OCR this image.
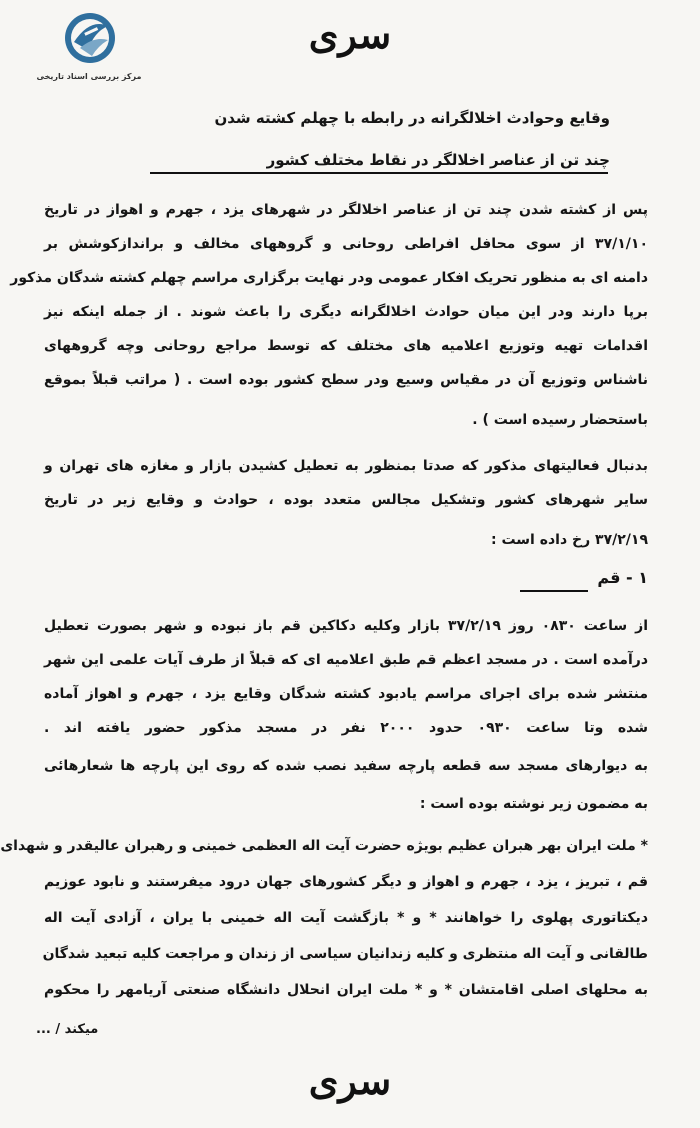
مرکز بررسی اسناد تاریخی
سری
وقایع وحوادث اخلالگرانه در رابطه با چهلم کشته شدن
چند تن از عناصر اخلالگر در نقاط مختلف کشور
پس از کشته شدن چند تن از عناصر اخلالگر در شهرهای یزد ، جهرم و اهواز در تاریخ
۳۷/۱/۱۰ از سوی محافل افراطی روحانی و گروههای مخالف و براندازکوشش بر
دامنه ای به منظور تحریک افکار عمومی ودر نهایت برگزاری مراسم چهلم کشته شدگان مذکور
برپا دارند ودر این میان حوادث اخلالگرانه دیگری را باعث شوند . از جمله اینکه نیز
اقدامات تهیه وتوزیع اعلامیه های مختلف که توسط مراجع روحانی وچه گروههای
ناشناس وتوزیع آن در مقیاس وسیع ودر سطح کشور بوده است . ( مراتب قبلاً بموقع
باستحضار رسیده است ) .
بدنبال فعالیتهای مذکور که صدتا بمنظور به تعطیل کشیدن بازار و مغازه های تهران و
سایر شهرهای کشور وتشکیل مجالس متعدد بوده ، حوادث و وقایع زیر در تاریخ
۳۷/۲/۱۹ رخ داده است :
۱ - قم
از ساعت ۰۸۳۰ روز ۳۷/۲/۱۹ بازار وکلیه دکاکین قم باز نبوده و شهر بصورت تعطیل
درآمده است . در مسجد اعظم قم طبق اعلامیه ای که قبلاً از طرف آیات علمی این شهر
منتشر شده برای اجرای مراسم یادبود کشته شدگان وقایع یزد ، جهرم و اهواز آماده
شده وتا ساعت ۰۹۳۰ حدود ۲۰۰۰ نفر در مسجد مذکور حضور یافته اند .
به دیوارهای مسجد سه قطعه پارچه سفید نصب شده که روی این پارچه ها شعارهائی
به مضمون زیر نوشته بوده است :
* ملت ایران بهر هبران عظیم بویژه حضرت آیت اله العظمی خمینی و رهبران عالیقدر و شهدای
قم ، تبریز ، یزد ، جهرم و اهواز و دیگر کشورهای جهان درود میفرستند و نابود عوزیم
دیکتاتوری پهلوی را خواهانند * و * بازگشت آیت اله خمینی با یران ، آزادی آیت اله
طالقانی و آیت اله منتظری و کلیه زندانیان سیاسی از زندان و مراجعت کلیه تبعید شدگان
به محلهای اصلی اقامتشان * و * ملت ایران انحلال دانشگاه صنعتی آریامهر را محکوم
میکند / ...
سری
